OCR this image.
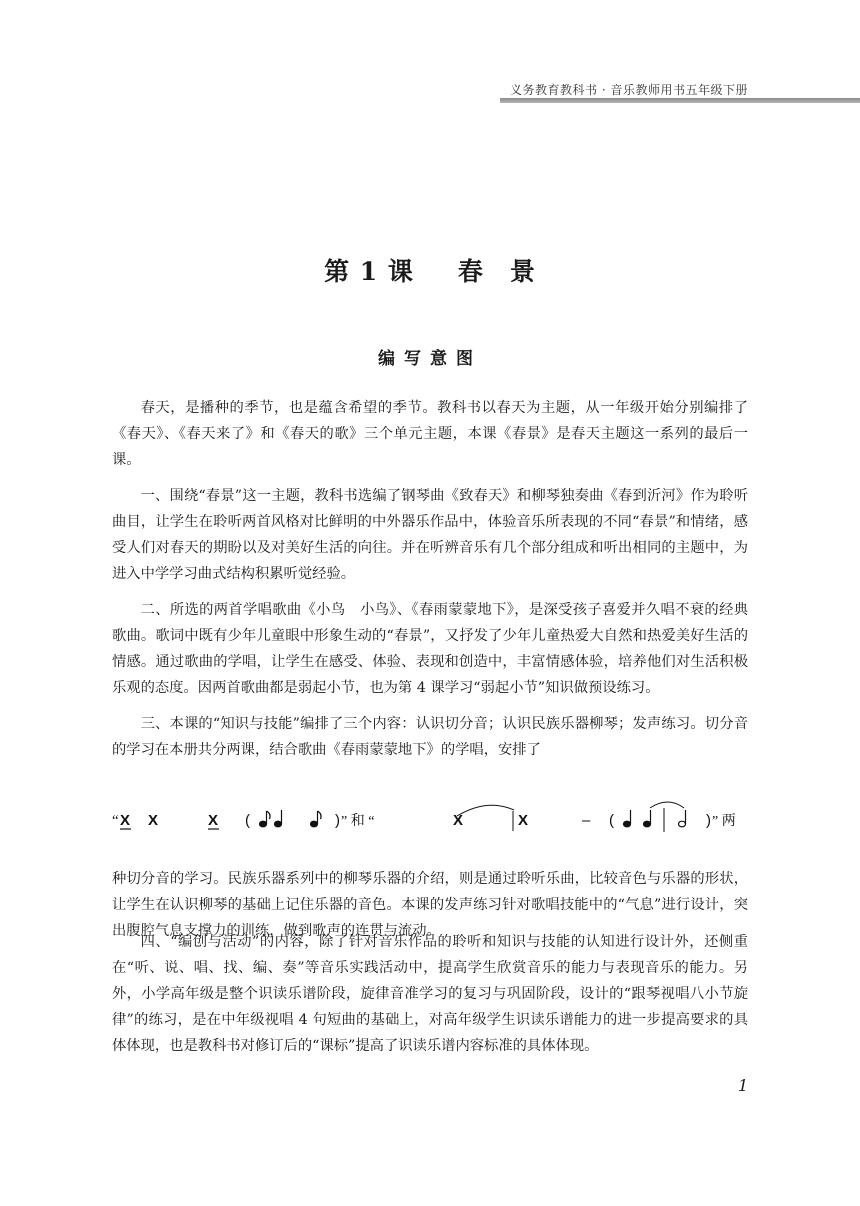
义务教育教科书 · 音乐教师用书五年级下册
第 1 课 春　景
编写意图

春天，是播种的季节，也是蕴含希望的季节。教科书以春天为主题，从一年级开始分别编排了《春天》、《春天来了》和《春天的歌》三个单元主题，本课《春景》是春天主题这一系列的最后一课。

一、围绕“春景”这一主题，教科书选编了钢琴曲《致春天》和柳琴独奏曲《春到沂河》作为聆听曲目，让学生在聆听两首风格对比鲜明的中外器乐作品中，体验音乐所表现的不同“春景”和情绪，感受人们对春天的期盼以及对美好生活的向往。并在听辨音乐有几个部分组成和听出相同的主题中，为进入中学学习曲式结构积累听觉经验。

二、所选的两首学唱歌曲《小鸟　小鸟》、《春雨蒙蒙地下》，是深受孩子喜爱并久唱不衰的经典歌曲。歌词中既有少年儿童眼中形象生动的“春景”，又抒发了少年儿童热爱大自然和热爱美好生活的情感。通过歌曲的学唱，让学生在感受、体验、表现和创造中，丰富情感体验，培养他们对生活积极乐观的态度。因两首歌曲都是弱起小节，也为第 4 课学习“弱起小节”知识做预设练习。

三、本课的“知识与技能”编排了三个内容：认识切分音；认识民族乐器柳琴；发声练习。切分音的学习在本册共分两课，结合歌曲《春雨蒙蒙地下》的学唱，安排了

“ X X	X (	) ” 和 “	X	X	– (	) ” 两

种切分音的学习。民族乐器系列中的柳琴乐器的介绍，则是通过聆听乐曲，比较音色与乐器的形状，让学生在认识柳琴的基础上记住乐器的音色。本课的发声练习针对歌唱技能中的“气息”进行设计，突出腹腔气息支撑力的训练，做到歌声的连贯与流动。

四、“编创与活动”的内容，除了针对音乐作品的聆听和知识与技能的认知进行设计外，还侧重在“听、说、唱、找、编、奏”等音乐实践活动中，提高学生欣赏音乐的能力与表现音乐的能力。另外，小学高年级是整个识读乐谱阶段，旋律音准学习的复习与巩固阶段，设计的“跟琴视唱八小节旋律”的练习，是在中年级视唱 4 句短曲的基础上，对高年级学生识读乐谱能力的进一步提高要求的具体体现，也是教科书对修订后的“课标”提高了识读乐谱内容标准的具体体现。

1
